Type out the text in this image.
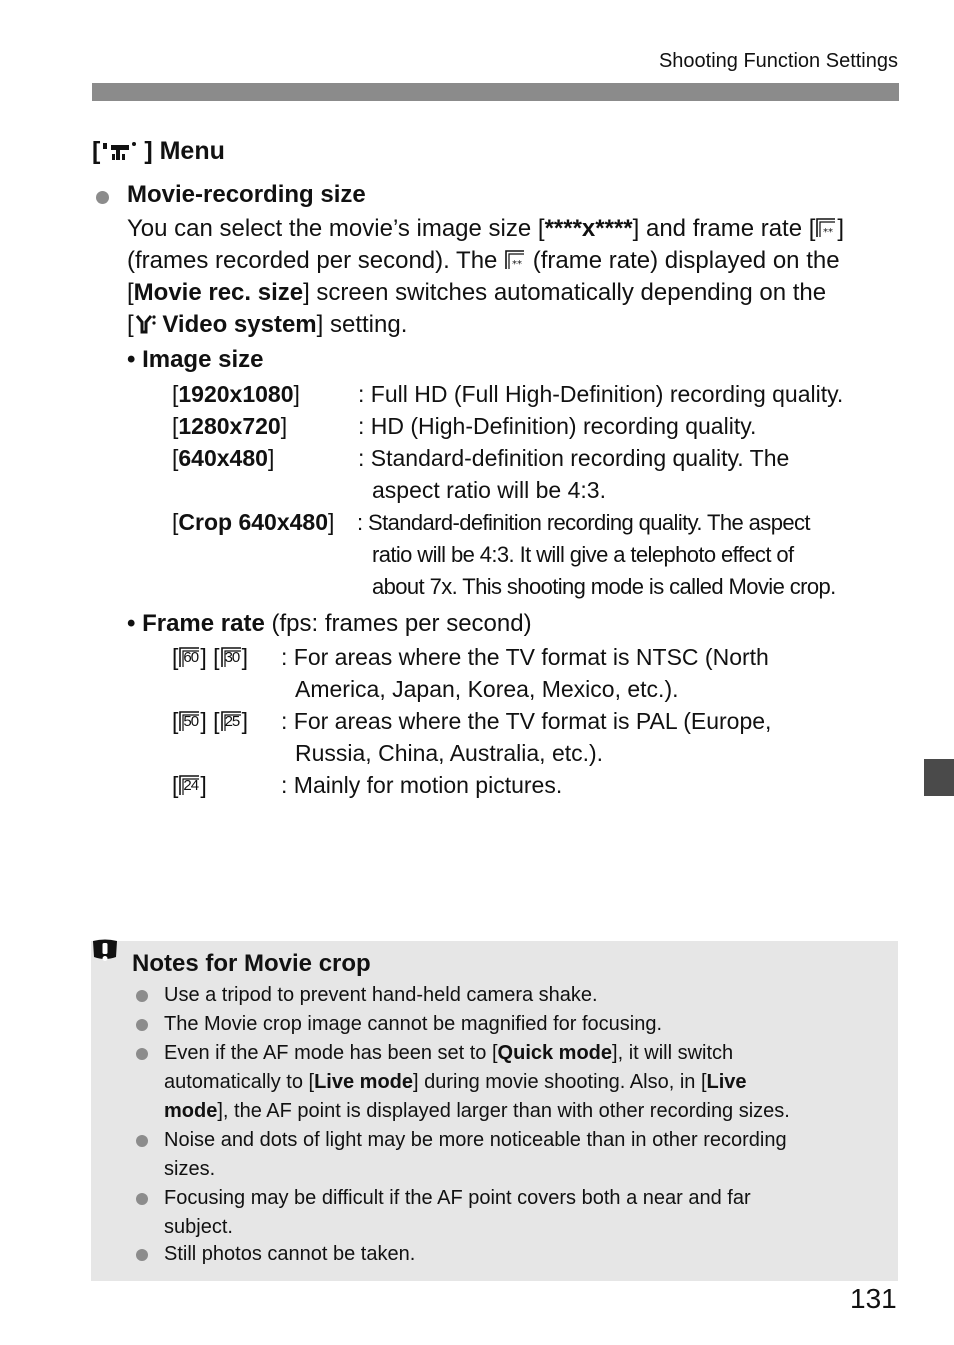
Shooting Function Settings
[ ] Menu
Movie-recording size
You can select the movie’s image size [****x****] and frame rate [ ** ]
(frames recorded per second). The ** (frame rate) displayed on the
[Movie rec. size] screen switches automatically depending on the
[ Video system] setting.
• Image size
[1920x1080]	: Full HD (Full High-Definition) recording quality.
[1280x720]	: HD (High-Definition) recording quality.
[640x480]	: Standard-definition recording quality. The
aspect ratio will be 4:3.
[Crop 640x480] : Standard-definition recording quality. The aspect
ratio will be 4:3. It will give a telephoto effect of
about 7x. This shooting mode is called Movie crop.
• Frame rate (fps: frames per second)
[ 60 ] [ 30 ] : For areas where the TV format is NTSC (North
America, Japan, Korea, Mexico, etc.).
[ 50 ] [ 25 ] : For areas where the TV format is PAL (Europe,
Russia, China, Australia, etc.).
[ 24 ]	: Mainly for motion pictures.
Notes for Movie crop
Use a tripod to prevent hand-held camera shake.
The Movie crop image cannot be magnified for focusing.
Even if the AF mode has been set to [Quick mode], it will switch
automatically to [Live mode] during movie shooting. Also, in [Live
mode], the AF point is displayed larger than with other recording sizes.
Noise and dots of light may be more noticeable than in other recording
sizes.
Focusing may be difficult if the AF point covers both a near and far
subject.
Still photos cannot be taken.
131
